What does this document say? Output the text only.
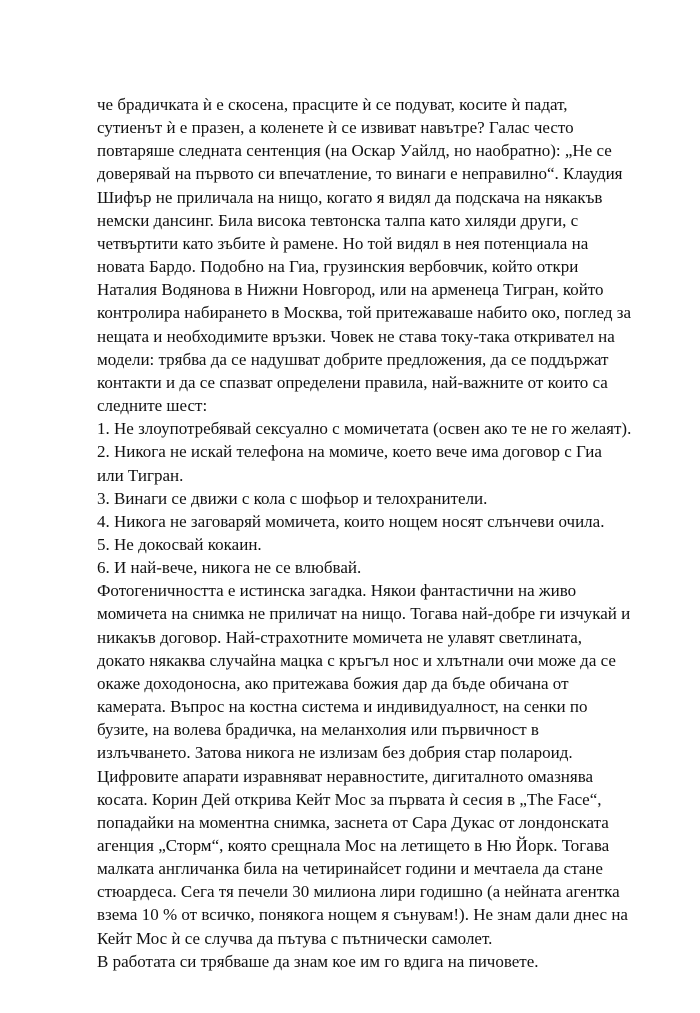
че брадичката ѝ е скосена, прасците ѝ се подуват, косите ѝ падат,
сутиенът ѝ е празен, а коленете ѝ се извиват навътре? Галас често
повтаряше следната сентенция (на Оскар Уайлд, но наобратно): „Не се
доверявай на първото си впечатление, то винаги е неправилно“. Клаудия
Шифър не приличала на нищо, когато я видял да подскача на някакъв
немски дансинг. Била висока тевтонска талпа като хиляди други, с
четвъртити като зъбите ѝ рамене. Но той видял в нея потенциала на
новата Бардо. Подобно на Гиа, грузинския вербовчик, който откри
Наталия Водянова в Нижни Новгород, или на арменеца Тигран, който
контролира набирането в Москва, той притежаваше набито око, поглед за
нещата и необходимите връзки. Човек не става току-така откривател на
модели: трябва да се надушват добрите предложения, да се поддържат
контакти и да се спазват определени правила, най-важните от които са
следните шест:
1. Не злоупотребявай сексуално с момичетата (освен ако те не го желаят).
2. Никога не искай телефона на момиче, което вече има договор с Гиа
или Тигран.
3. Винаги се движи с кола с шофьор и телохранители.
4. Никога не заговаряй момичета, които нощем носят слънчеви очила.
5. Не докосвай кокаин.
6. И най-вече, никога не се влюбвай.
Фотогеничността е истинска загадка. Някои фантастични на живо
момичета на снимка не приличат на нищо. Тогава най-добре ги изчукай и
никакъв договор. Най-страхотните момичета не улавят светлината,
докато някаква случайна мацка с кръгъл нос и хлътнали очи може да се
окаже доходоносна, ако притежава божия дар да бъде обичана от
камерата. Въпрос на костна система и индивидуалност, на сенки по
бузите, на волева брадичка, на меланхолия или първичност в
излъчването. Затова никога не излизам без добрия стар полароид.
Цифровите апарати изравняват неравностите, дигиталното омазнява
косата. Корин Дей открива Кейт Мос за първата ѝ сесия в „The Face“,
попадайки на моментна снимка, заснета от Сара Дукас от лондонската
агенция „Сторм“, която срещнала Мос на летището в Ню Йорк. Тогава
малката англичанка била на четиринайсет години и мечтаела да стане
стюардеса. Сега тя печели 30 милиона лири годишно (а нейната агентка
взема 10 % от всичко, понякога нощем я сънувам!). Не знам дали днес на
Кейт Мос ѝ се случва да пътува с пътнически самолет.
В работата си трябваше да знам кое им го вдига на пичовете.
